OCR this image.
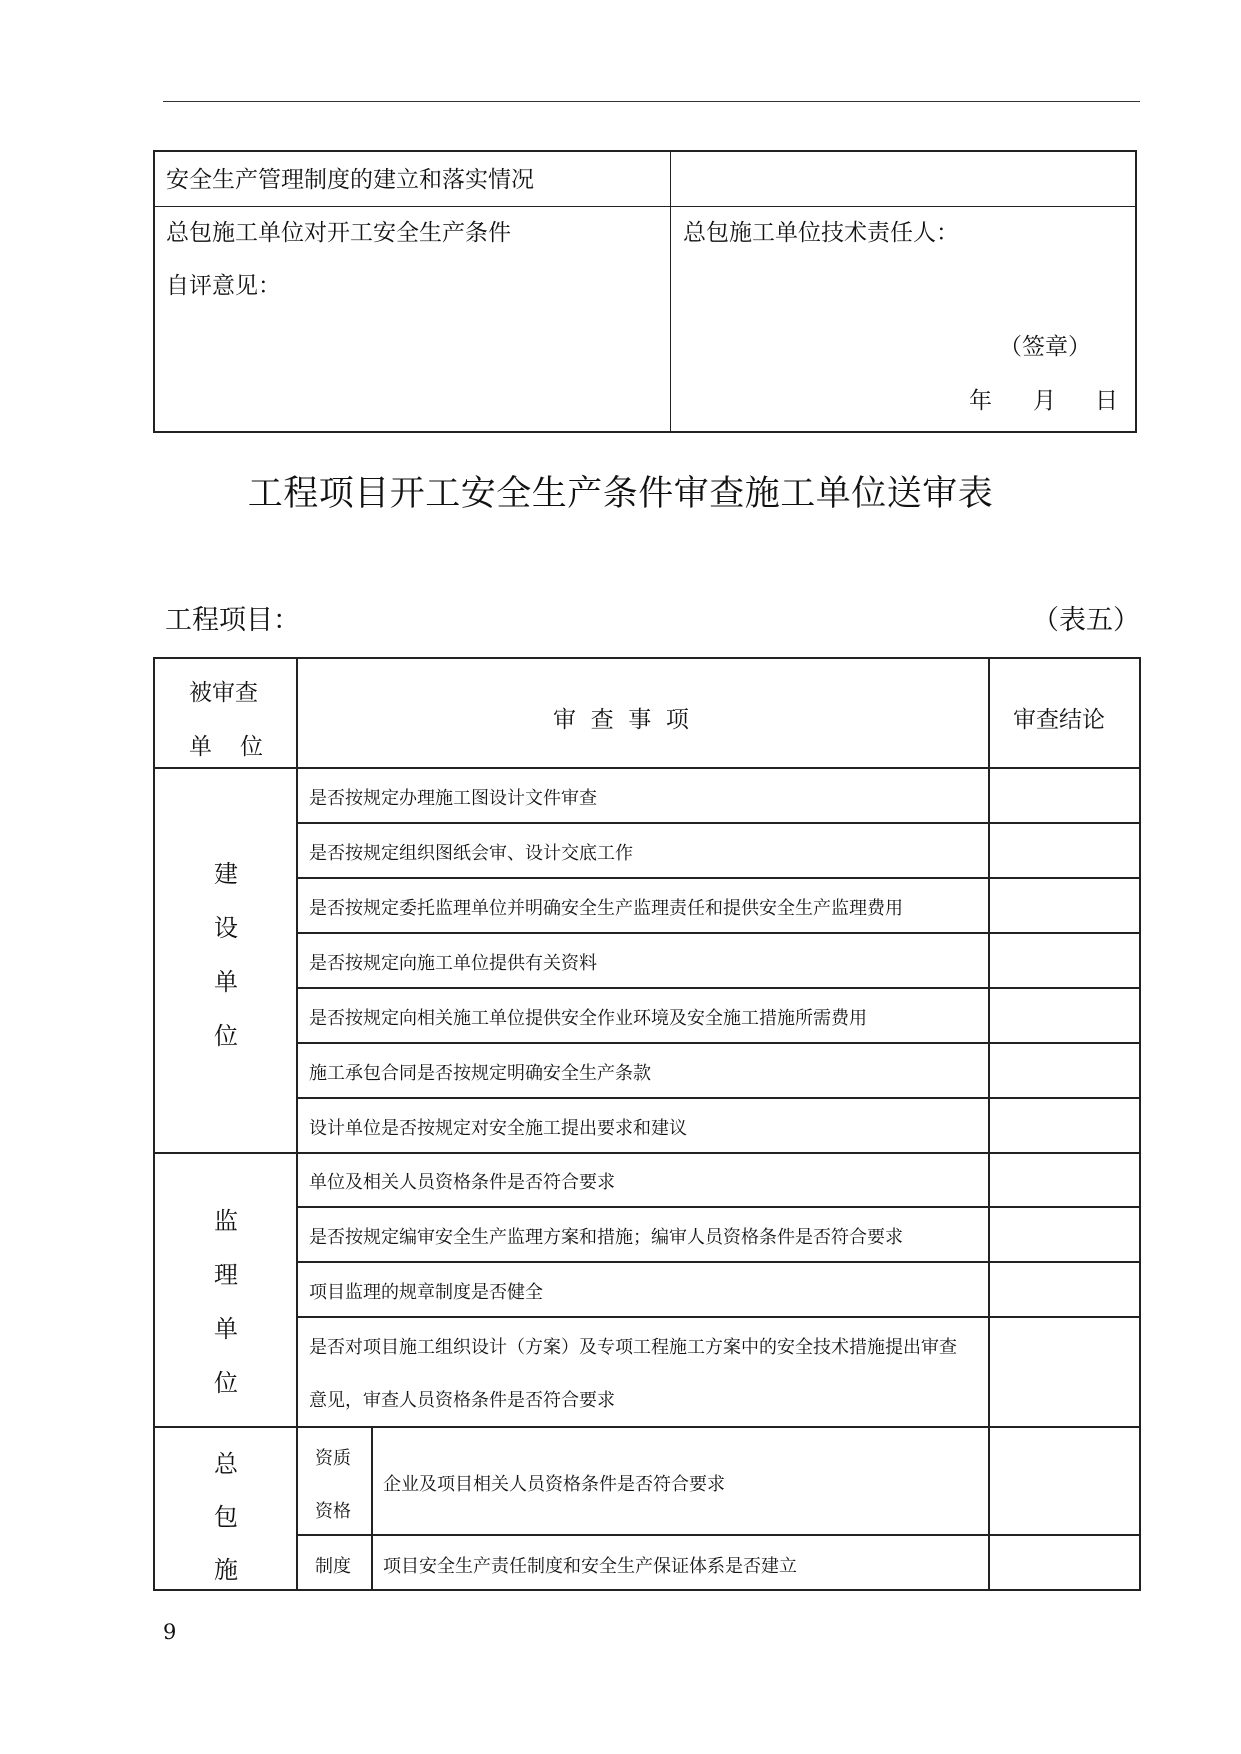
安全生产管理制度的建立和落实情况
总包施工单位对开工安全生产条件
自评意见：
总包施工单位技术责任人：
（签章）
年 月 日
工程项目开工安全生产条件审查施工单位送审表
工程项目：	（表五）
被审查
单 位
审  查  事  项	审查结论
建
设
单
位
是否按规定办理施工图设计文件审查
是否按规定组织图纸会审、设计交底工作
是否按规定委托监理单位并明确安全生产监理责任和提供安全生产监理费用
是否按规定向施工单位提供有关资料
是否按规定向相关施工单位提供安全作业环境及安全施工措施所需费用
施工承包合同是否按规定明确安全生产条款
设计单位是否按规定对安全施工提出要求和建议
监
理
单
位
单位及相关人员资格条件是否符合要求
是否按规定编审安全生产监理方案和措施；编审人员资格条件是否符合要求
项目监理的规章制度是否健全
是否对项目施工组织设计（方案）及专项工程施工方案中的安全技术措施提出审查
意见，审查人员资格条件是否符合要求
总
包
施
资质
资格
企业及项目相关人员资格条件是否符合要求
制度 项目安全生产责任制度和安全生产保证体系是否建立
9
